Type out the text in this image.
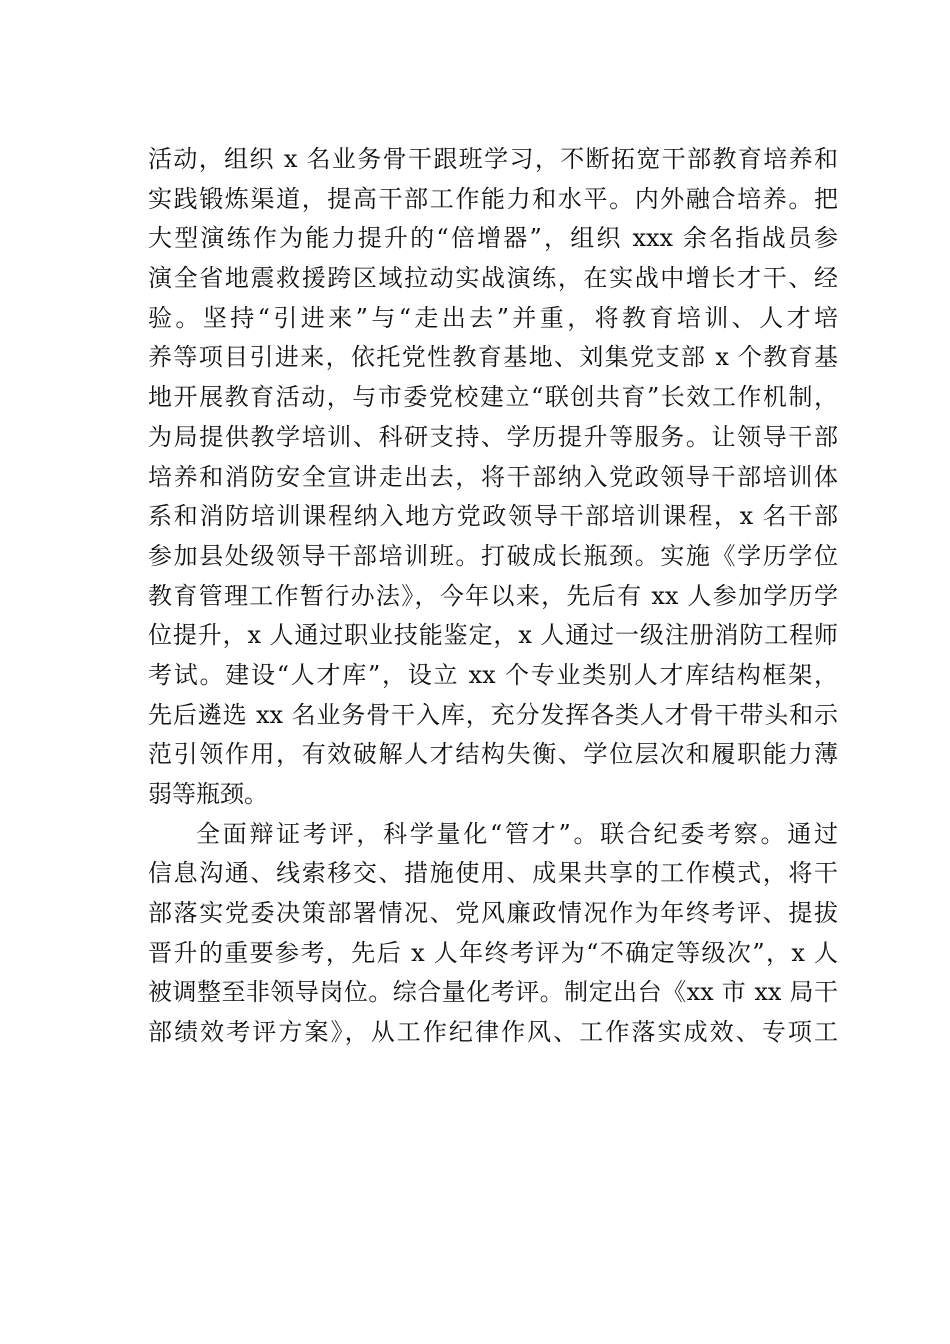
活动，组织 x 名业务骨干跟班学习，不断拓宽干部教育培养和
实践锻炼渠道，提高干部工作能力和水平。内外融合培养。把
大型演练作为能力提升的“倍增器”，组织 xxx 余名指战员参
演全省地震救援跨区域拉动实战演练，在实战中增长才干、经
验。坚持“引进来”与“走出去”并重，将教育培训、人才培
养等项目引进来，依托党性教育基地、刘集党支部 x 个教育基
地开展教育活动，与市委党校建立“联创共育”长效工作机制，
为局提供教学培训、科研支持、学历提升等服务。让领导干部
培养和消防安全宣讲走出去，将干部纳入党政领导干部培训体
系和消防培训课程纳入地方党政领导干部培训课程，x 名干部
参加县处级领导干部培训班。打破成长瓶颈。实施《学历学位
教育管理工作暂行办法》，今年以来，先后有 xx 人参加学历学
位提升，x 人通过职业技能鉴定，x 人通过一级注册消防工程师
考试。建设“人才库”，设立 xx 个专业类别人才库结构框架，
先后遴选 xx 名业务骨干入库，充分发挥各类人才骨干带头和示
范引领作用，有效破解人才结构失衡、学位层次和履职能力薄
弱等瓶颈。
全面辩证考评，科学量化“管才”。联合纪委考察。通过
信息沟通、线索移交、措施使用、成果共享的工作模式，将干
部落实党委决策部署情况、党风廉政情况作为年终考评、提拔
晋升的重要参考，先后 x 人年终考评为“不确定等级次”，x 人
被调整至非领导岗位。综合量化考评。制定出台《xx 市 xx 局干
部绩效考评方案》，从工作纪律作风、工作落实成效、专项工
